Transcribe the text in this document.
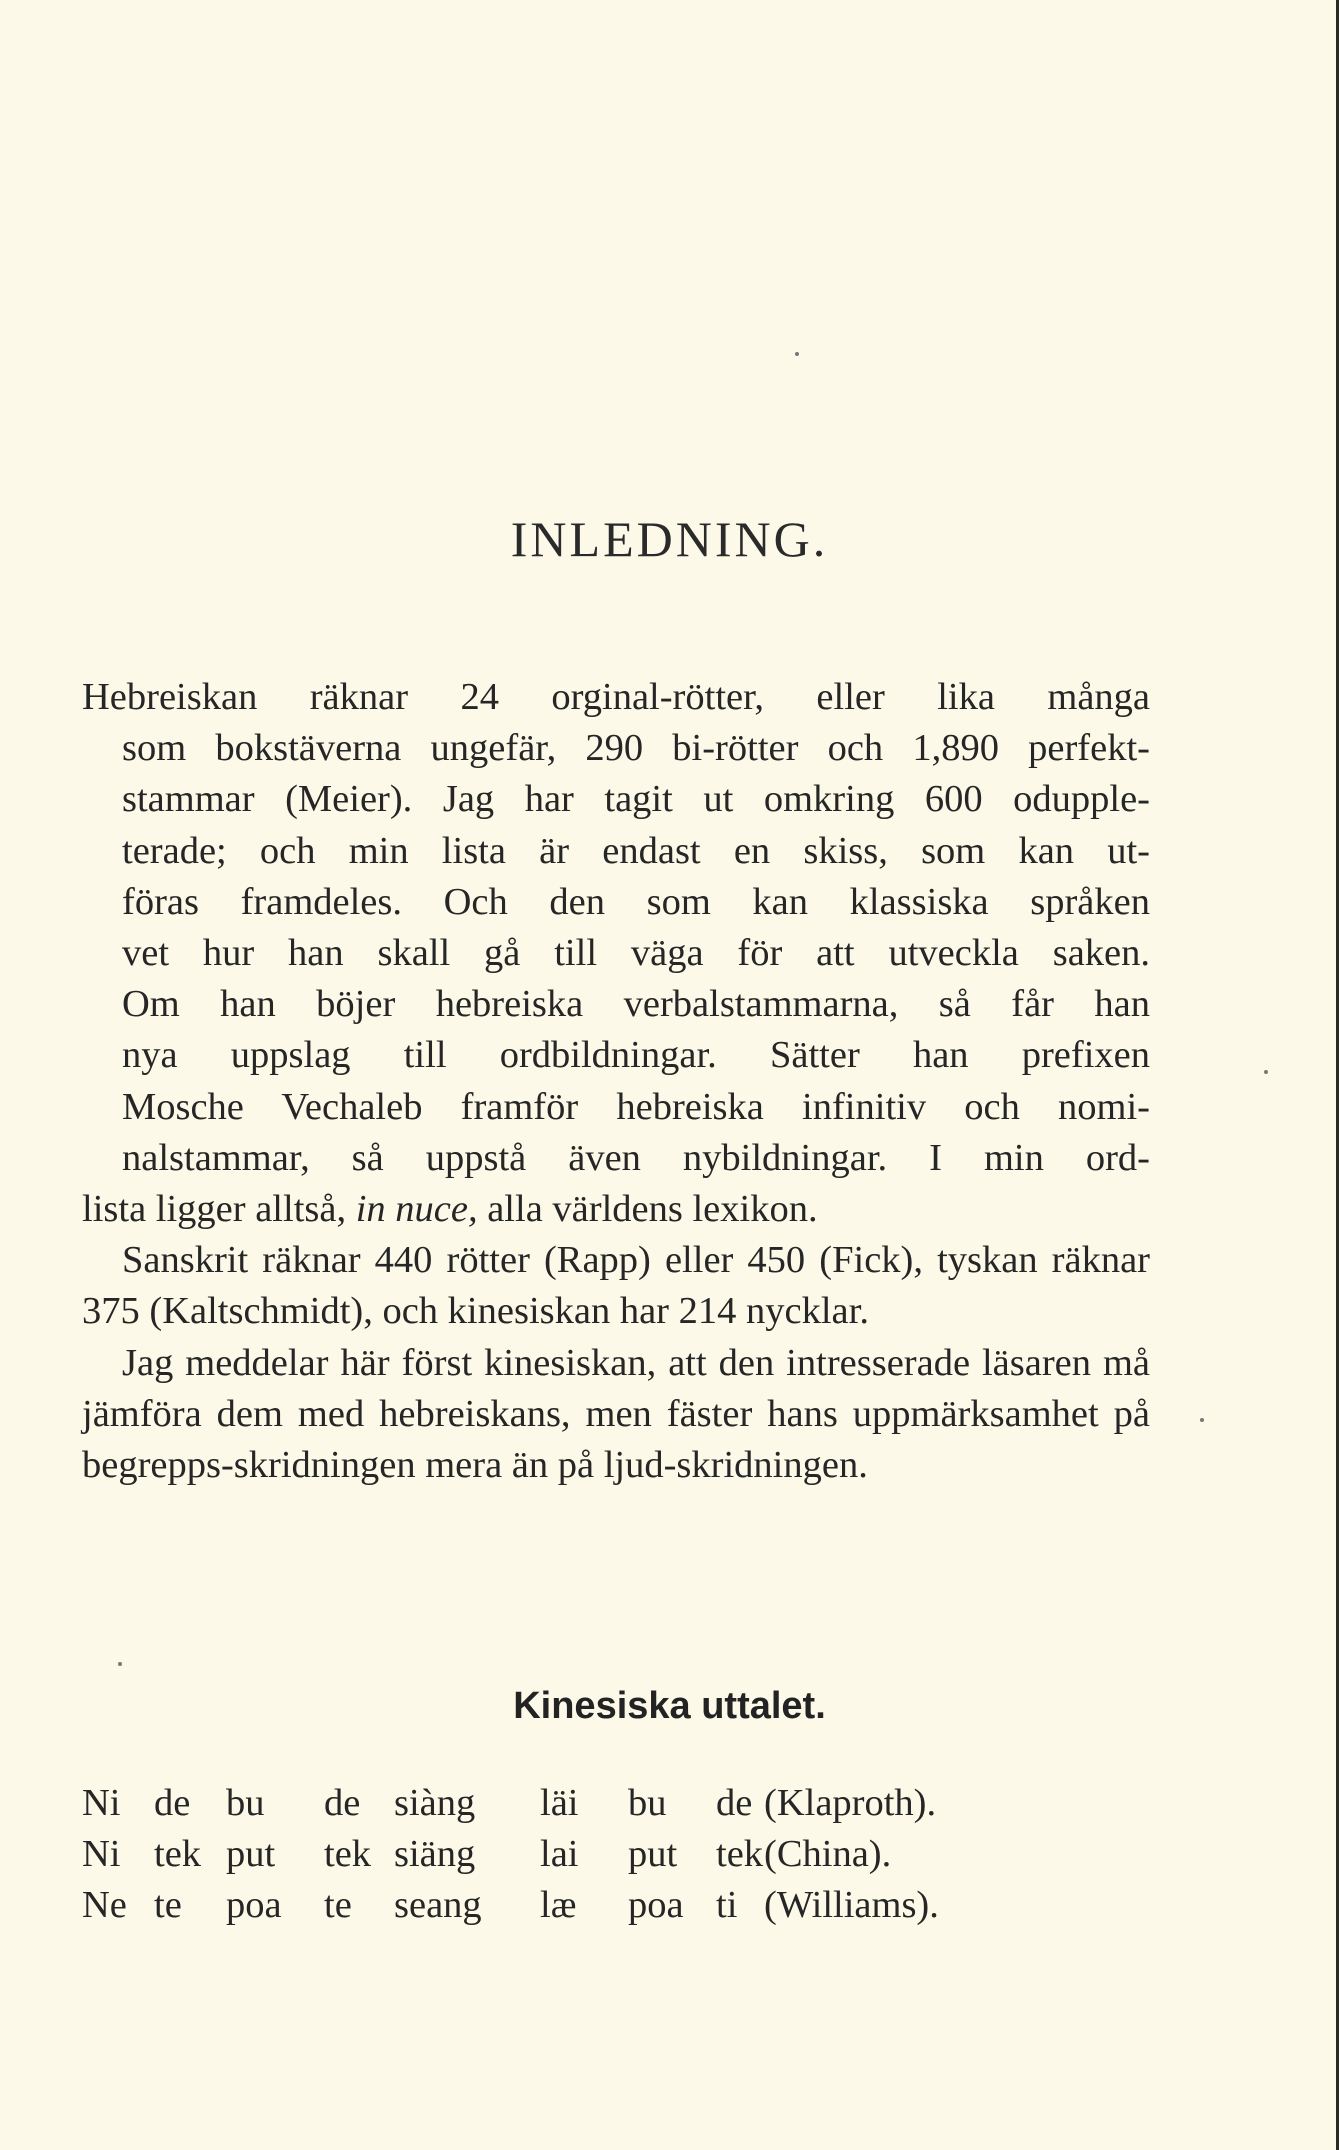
INLEDNING.
Hebreiskan räknar 24 orginal-rötter, eller lika många
som bokstäverna ungefär, 290 bi-rötter och 1,890 perfekt-
stammar (Meier). Jag har tagit ut omkring 600 odupple-
terade; och min lista är endast en skiss, som kan ut-
föras framdeles. Och den som kan klassiska språken
vet hur han skall gå till väga för att utveckla saken.
Om han böjer hebreiska verbalstammarna, så får han
nya uppslag till ordbildningar. Sätter han prefixen
Mosche Vechaleb framför hebreiska infinitiv och nomi-
nalstammar, så uppstå även nybildningar. I min ord-
lista ligger alltså, in nuce, alla världens lexikon.

Sanskrit räknar 440 rötter (Rapp) eller 450 (Fick), tyskan räknar 375 (Kaltschmidt), och kinesiskan har 214 nycklar.

Jag meddelar här först kinesiskan, att den intresserade läsaren må jämföra dem med hebreiskans, men fäster hans uppmärksamhet på begrepps-skridningen mera än på ljud-skridningen.

Kinesiska uttalet.
Ni de bu	de siàng	läi	bu	de (Klaproth).
Ni tek put	tek siäng	lai	put	tek (China).
Ne te	poa	te	seang	læ	poa ti (Williams).
